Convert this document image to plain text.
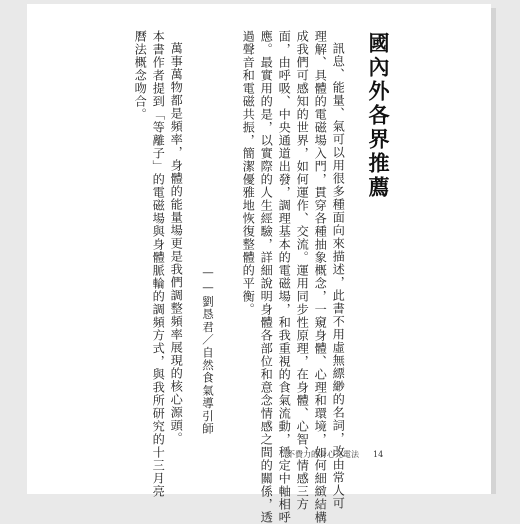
國內外各界推薦
訊息、能量、氣可以用很多種面向來描述，此書不用虛無縹緲的名詞，改由常人可
理解、具體的電磁場入門，貫穿各種抽象概念，一窺身體、心理和環境，如何細緻結構
成我們可感知的世界，如何運作、交流。運用同步性原理，在身體、心智、情感三方
面，由呼吸、中央通道出發，調理基本的電磁場，和我重視的食氣流動，穩定中軸相呼
應。最實用的是，以實際的人生經驗，詳細說明身體各部位和意念情感之間的關係，透
過聲音和電磁共振，簡潔優雅地恢復整體的平衡。
——劉恳君／自然食氣導引師
萬事萬物都是頻率，身體的能量場更是我們調整頻率展現的核心源頭。
本書作者提到「等離子」的電磁場與身體脈輪的調頻方式，與我所研究的十三月亮
曆法概念吻合。
不費力的身心充電法 14
